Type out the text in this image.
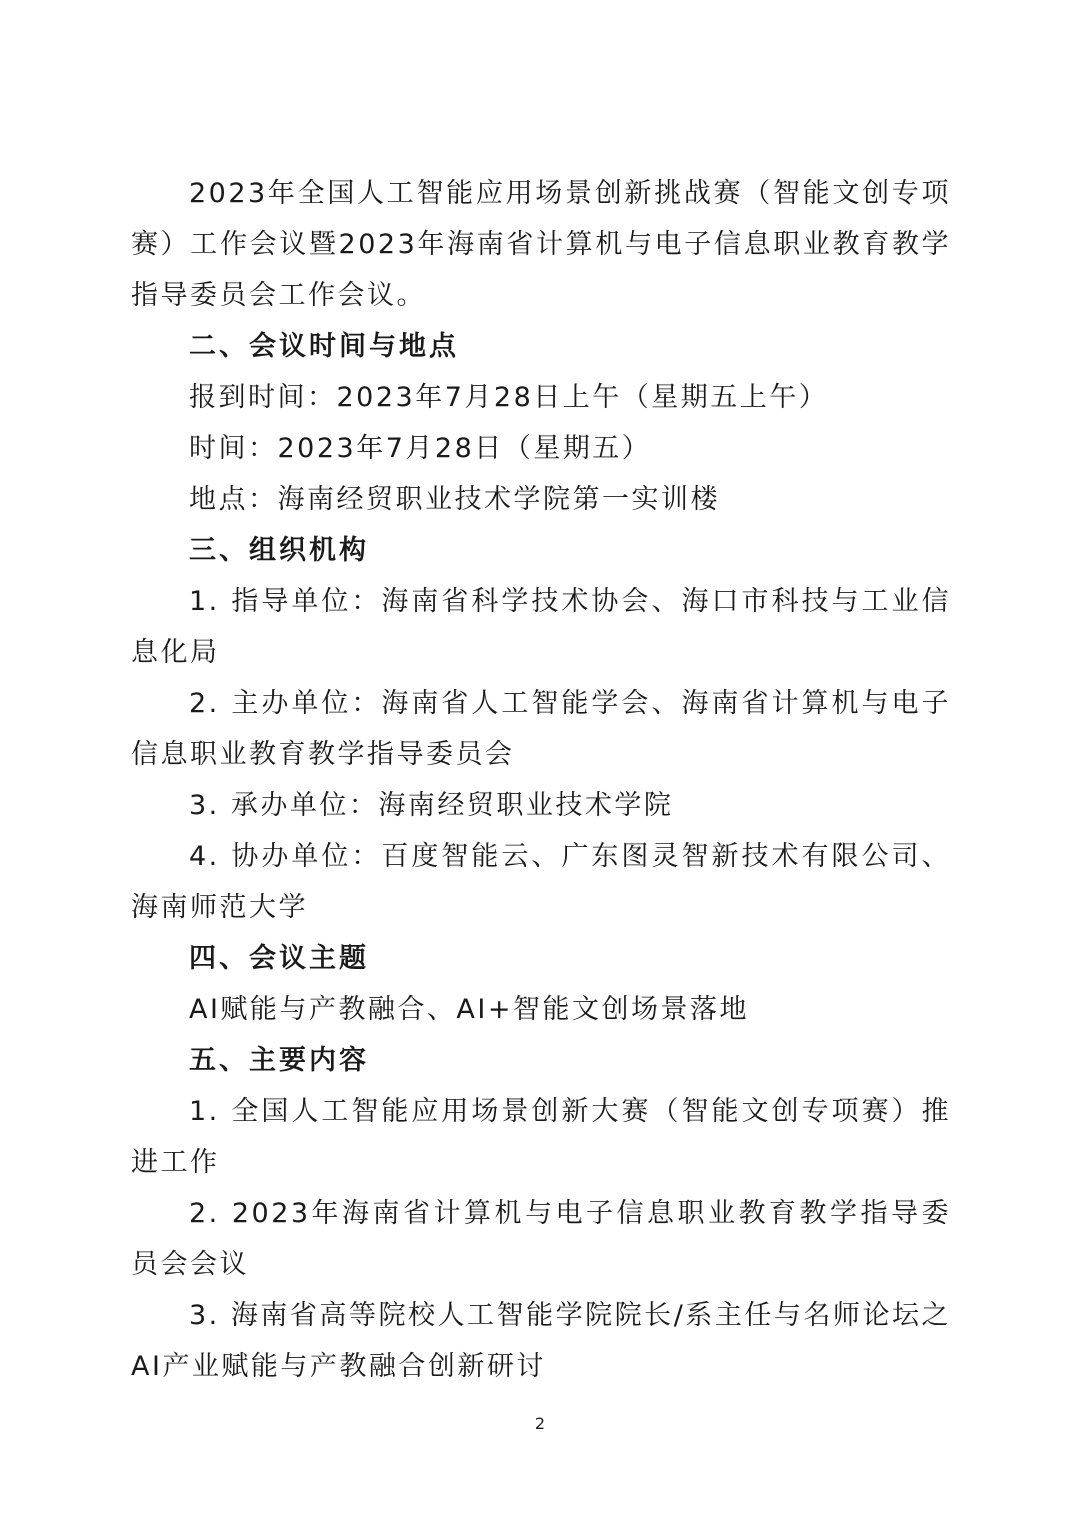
2023年全国人工智能应用场景创新挑战赛（智能文创专项赛）工作会议暨2023年海南省计算机与电子信息职业教育教学指导委员会工作会议。

二、会议时间与地点

报到时间：2023年7月28日上午（星期五上午）

时间：2023年7月28日（星期五）

地点：海南经贸职业技术学院第一实训楼

三、组织机构

1. 指导单位：海南省科学技术协会、海口市科技与工业信息化局

2. 主办单位：海南省人工智能学会、海南省计算机与电子信息职业教育教学指导委员会

3. 承办单位：海南经贸职业技术学院

4. 协办单位：百度智能云、广东图灵智新技术有限公司、海南师范大学

四、会议主题

AI赋能与产教融合、AI+智能文创场景落地

五、主要内容

1. 全国人工智能应用场景创新大赛（智能文创专项赛）推进工作

2. 2023年海南省计算机与电子信息职业教育教学指导委员会会议

3. 海南省高等院校人工智能学院院长/系主任与名师论坛之AI产业赋能与产教融合创新研讨

2
